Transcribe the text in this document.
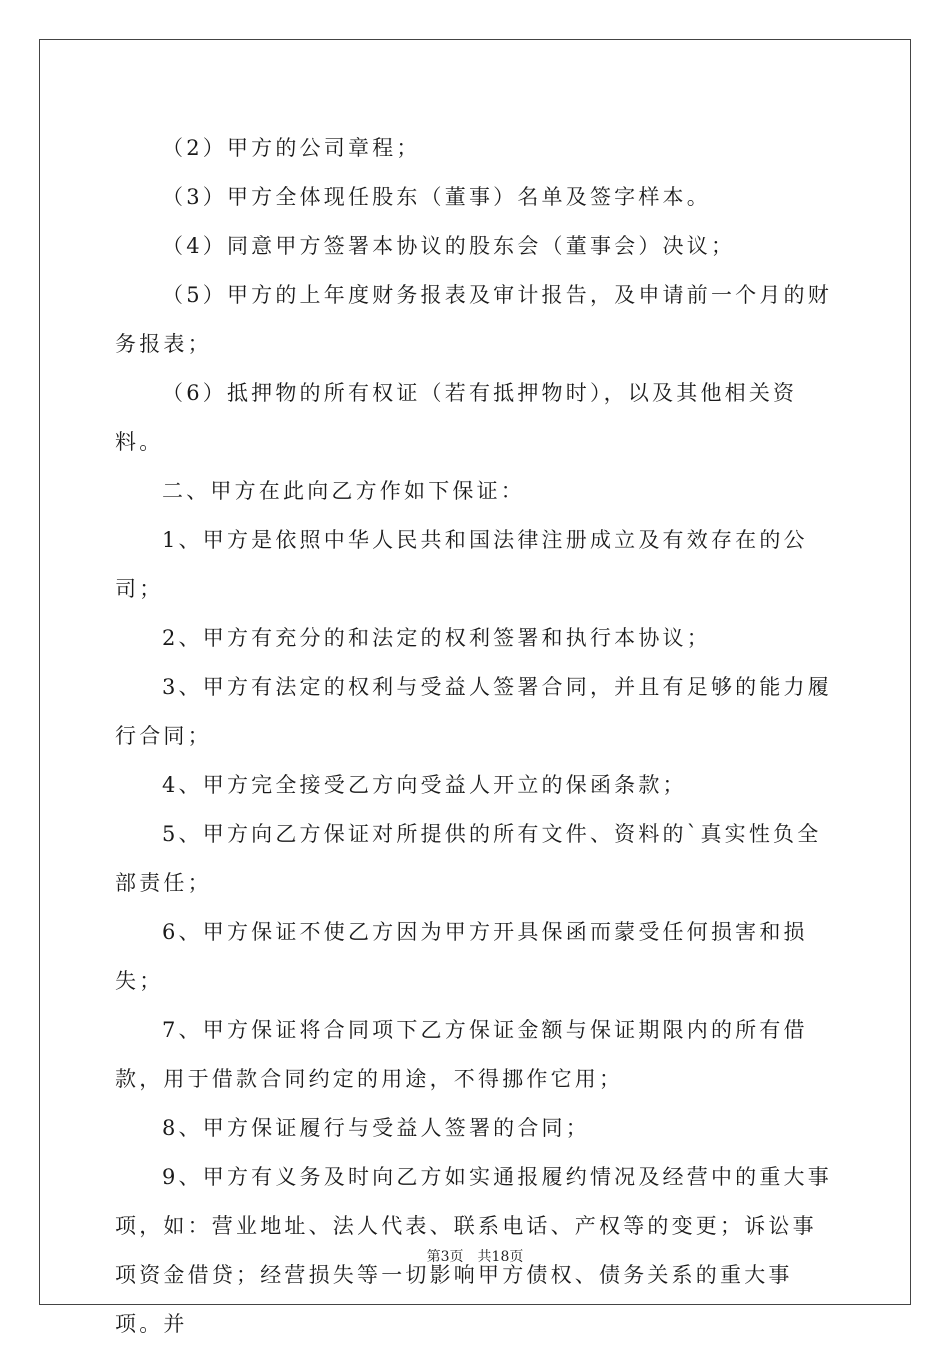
（2）甲方的公司章程；

（3）甲方全体现任股东（董事）名单及签字样本。

（4）同意甲方签署本协议的股东会（董事会）决议；

（5）甲方的上年度财务报表及审计报告，及申请前一个月的财务报表；

（6）抵押物的所有权证（若有抵押物时），以及其他相关资料。

二、甲方在此向乙方作如下保证：

1、甲方是依照中华人民共和国法律注册成立及有效存在的公司；

2、甲方有充分的和法定的权利签署和执行本协议；

3、甲方有法定的权利与受益人签署合同，并且有足够的能力履行合同；

4、甲方完全接受乙方向受益人开立的保函条款；

5、甲方向乙方保证对所提供的所有文件、资料的`真实性负全部责任；

6、甲方保证不使乙方因为甲方开具保函而蒙受任何损害和损失；

7、甲方保证将合同项下乙方保证金额与保证期限内的所有借款，用于借款合同约定的用途，不得挪作它用；

8、甲方保证履行与受益人签署的合同；

9、甲方有义务及时向乙方如实通报履约情况及经营中的重大事项，如：营业地址、法人代表、联系电话、产权等的变更；诉讼事项资金借贷；经营损失等一切影响甲方债权、债务关系的重大事项。并

第3页　共18页
